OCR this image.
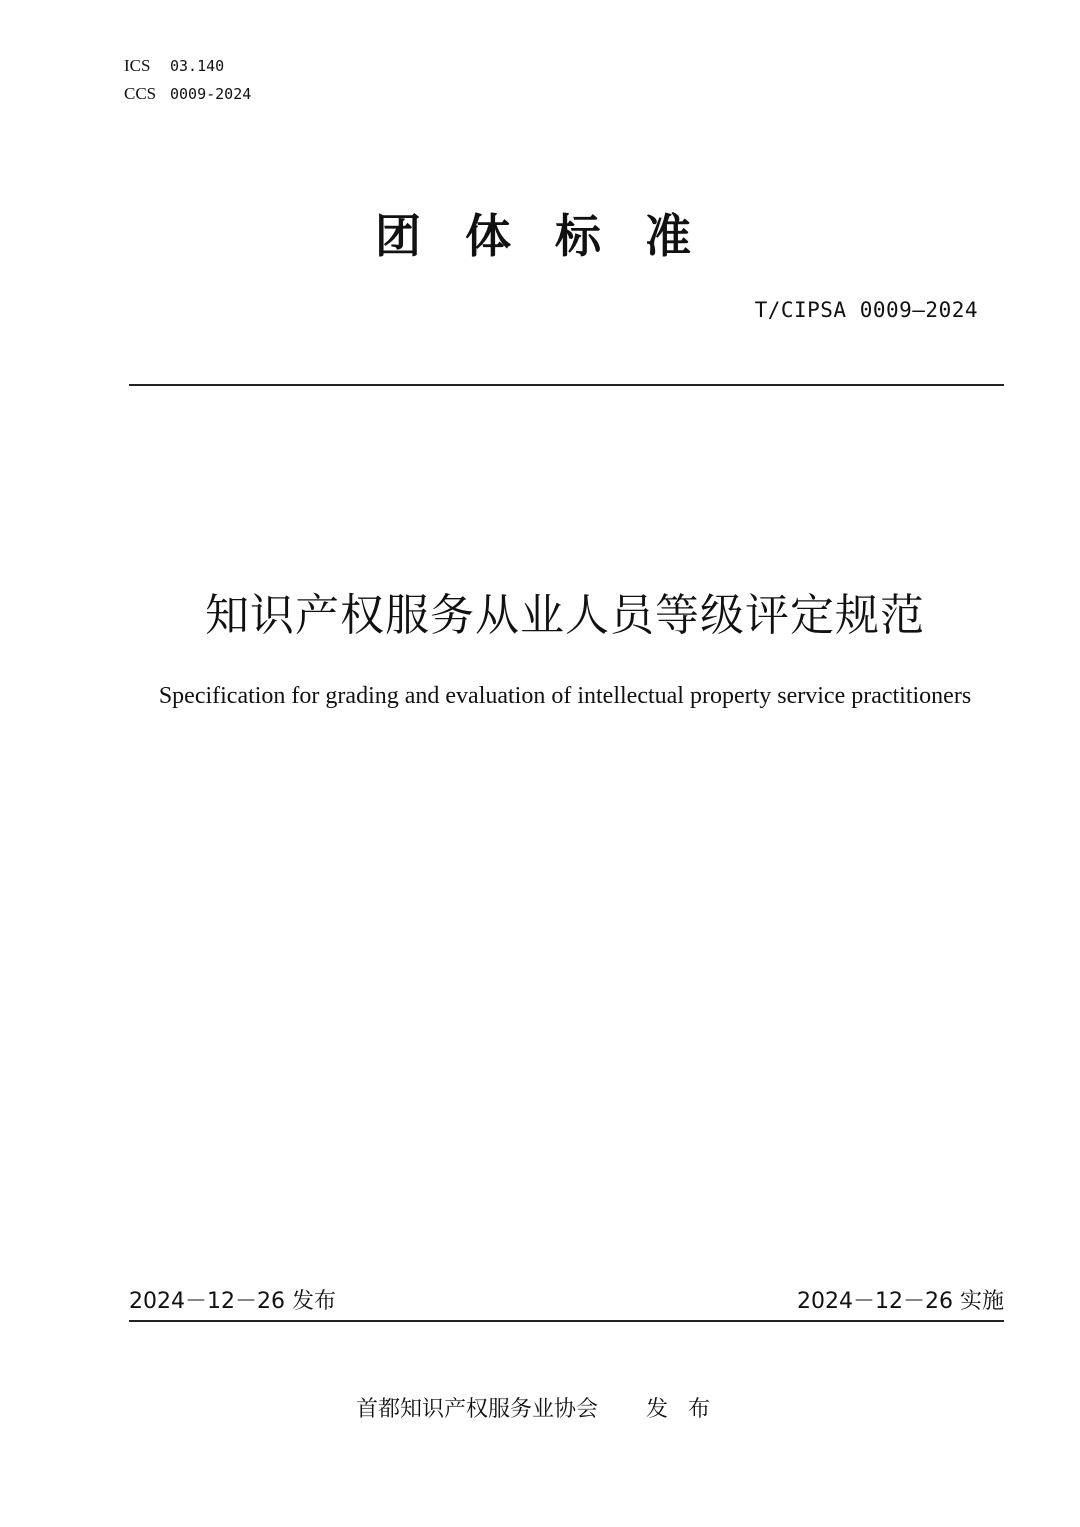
ICS 03.140
CCS 0009-2024
团体标准
T/CIPSA 0009—2024
知识产权服务从业人员等级评定规范
Specification for grading and evaluation of intellectual property service practitioners
2024－12－26 发布	2024－12－26 实施
首都知识产权服务业协会 发布
